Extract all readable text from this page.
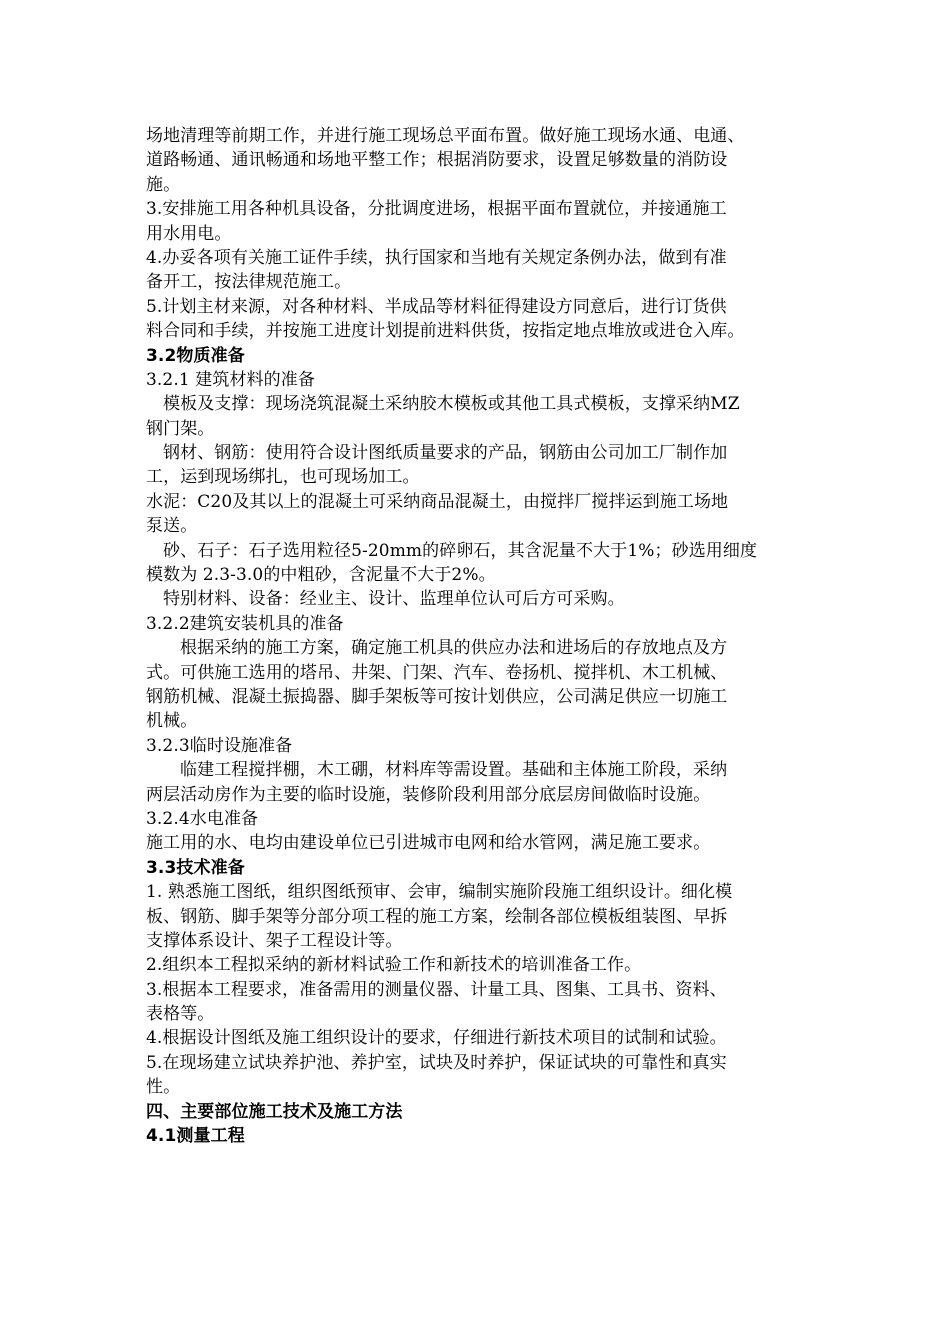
场地清理等前期工作，并进行施工现场总平面布置。做好施工现场水通、电通、
道路畅通、通讯畅通和场地平整工作；根据消防要求，设置足够数量的消防设
施。
3.安排施工用各种机具设备，分批调度进场，根据平面布置就位，并接通施工
用水用电。
4.办妥各项有关施工证件手续，执行国家和当地有关规定条例办法，做到有准
备开工，按法律规范施工。
5.计划主材来源，对各种材料、半成品等材料征得建设方同意后，进行订货供
料合同和手续，并按施工进度计划提前进料供货，按指定地点堆放或进仓入库。
3.2物质准备
3.2.1 建筑材料的准备
模板及支撑：现场浇筑混凝土采纳胶木模板或其他工具式模板，支撑采纳MZ
钢门架。
钢材、钢筋：使用符合设计图纸质量要求的产品，钢筋由公司加工厂制作加
工，运到现场绑扎，也可现场加工。
水泥：C20及其以上的混凝土可采纳商品混凝土，由搅拌厂搅拌运到施工场地
泵送。
砂、石子：石子选用粒径5-20mm的碎卵石，其含泥量不大于1%；砂选用细度
模数为 2.3-3.0的中粗砂，含泥量不大于2%。
特别材料、设备：经业主、设计、监理单位认可后方可采购。
3.2.2建筑安装机具的准备
根据采纳的施工方案，确定施工机具的供应办法和进场后的存放地点及方
式。可供施工选用的塔吊、井架、门架、汽车、卷扬机、搅拌机、木工机械、
钢筋机械、混凝土振捣器、脚手架板等可按计划供应，公司满足供应一切施工
机械。
3.2.3临时设施准备
临建工程搅拌棚，木工硼，材料库等需设置。基础和主体施工阶段，采纳
两层活动房作为主要的临时设施，装修阶段利用部分底层房间做临时设施。
3.2.4水电准备
施工用的水、电均由建设单位已引进城市电网和给水管网，满足施工要求。
3.3技术准备
1. 熟悉施工图纸，组织图纸预审、会审，编制实施阶段施工组织设计。细化模
板、钢筋、脚手架等分部分项工程的施工方案，绘制各部位模板组装图、早拆
支撑体系设计、架子工程设计等。
2.组织本工程拟采纳的新材料试验工作和新技术的培训准备工作。
3.根据本工程要求，准备需用的测量仪器、计量工具、图集、工具书、资料、
表格等。
4.根据设计图纸及施工组织设计的要求，仔细进行新技术项目的试制和试验。
5.在现场建立试块养护池、养护室，试块及时养护，保证试块的可靠性和真实
性。
四、主要部位施工技术及施工方法
4.1测量工程
